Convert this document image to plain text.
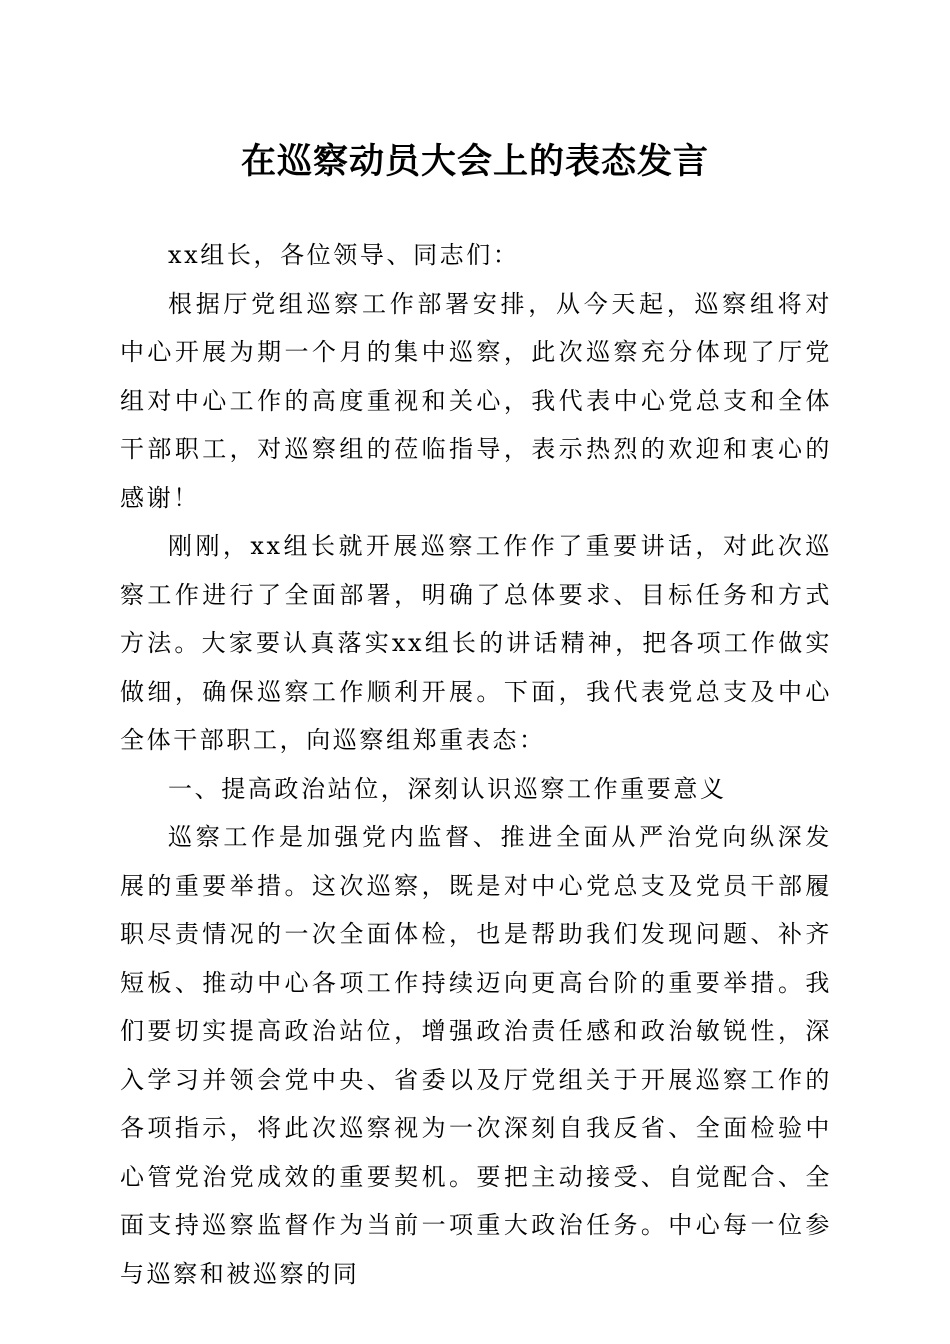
在巡察动员大会上的表态发言

xx组长，各位领导、同志们：

根据厅党组巡察工作部署安排，从今天起，巡察组将对中心开展为期一个月的集中巡察，此次巡察充分体现了厅党组对中心工作的高度重视和关心，我代表中心党总支和全体干部职工，对巡察组的莅临指导，表示热烈的欢迎和衷心的感谢！

刚刚，xx组长就开展巡察工作作了重要讲话，对此次巡察工作进行了全面部署，明确了总体要求、目标任务和方式方法。大家要认真落实xx组长的讲话精神，把各项工作做实做细，确保巡察工作顺利开展。下面，我代表党总支及中心全体干部职工，向巡察组郑重表态：

一、提高政治站位，深刻认识巡察工作重要意义

巡察工作是加强党内监督、推进全面从严治党向纵深发展的重要举措。这次巡察，既是对中心党总支及党员干部履职尽责情况的一次全面体检，也是帮助我们发现问题、补齐短板、推动中心各项工作持续迈向更高台阶的重要举措。我们要切实提高政治站位，增强政治责任感和政治敏锐性，深入学习并领会党中央、省委以及厅党组关于开展巡察工作的各项指示，将此次巡察视为一次深刻自我反省、全面检验中心管党治党成效的重要契机。要把主动接受、自觉配合、全面支持巡察监督作为当前一项重大政治任务。中心每一位参与巡察和被巡察的同
